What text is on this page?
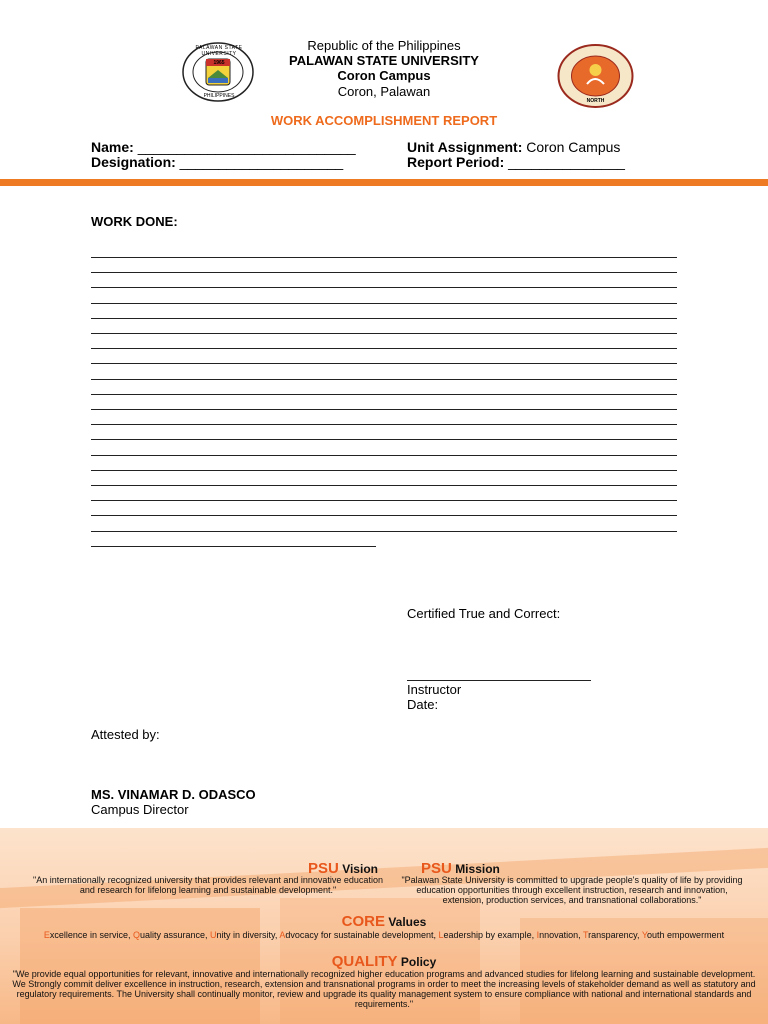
PALAWAN STATE UNIVERSITY
PHILIPPINES
1965
NORTH
Republic of the Philippines
PALAWAN STATE UNIVERSITY
Coron Campus
Coron, Palawan
WORK ACCOMPLISHMENT REPORT
Name: ____________________________
Designation: _____________________
Unit Assignment: Coron Campus
Report Period: _______________
WORK DONE:
Certified True and Correct:
Instructor
Date:
Attested by:
MS. VINAMAR D. ODASCO
Campus Director
PSU Vision	PSU Mission
"An internationally recognized university that provides relevant and innovative education and research for lifelong learning and sustainable development."
"Palawan State University is committed to upgrade people's quality of life by providing education opportunities through excellent instruction, research and innovation, extension, production services, and transnational collaborations."
CORE Values
Excellence in service, Quality assurance, Unity in diversity, Advocacy for sustainable development, Leadership by example, Innovation, Transparency, Youth empowerment
QUALITY Policy
"We provide equal opportunities for relevant, innovative and internationally recognized higher education programs and advanced studies for lifelong learning and sustainable development. We Strongly commit deliver excellence in instruction, research, extension and transnational programs in order to meet the increasing levels of stakeholder demand as well as statutory and regulatory requirements. The University shall continually monitor, review and upgrade its quality management system to ensure compliance with national and international standards and requirements."
